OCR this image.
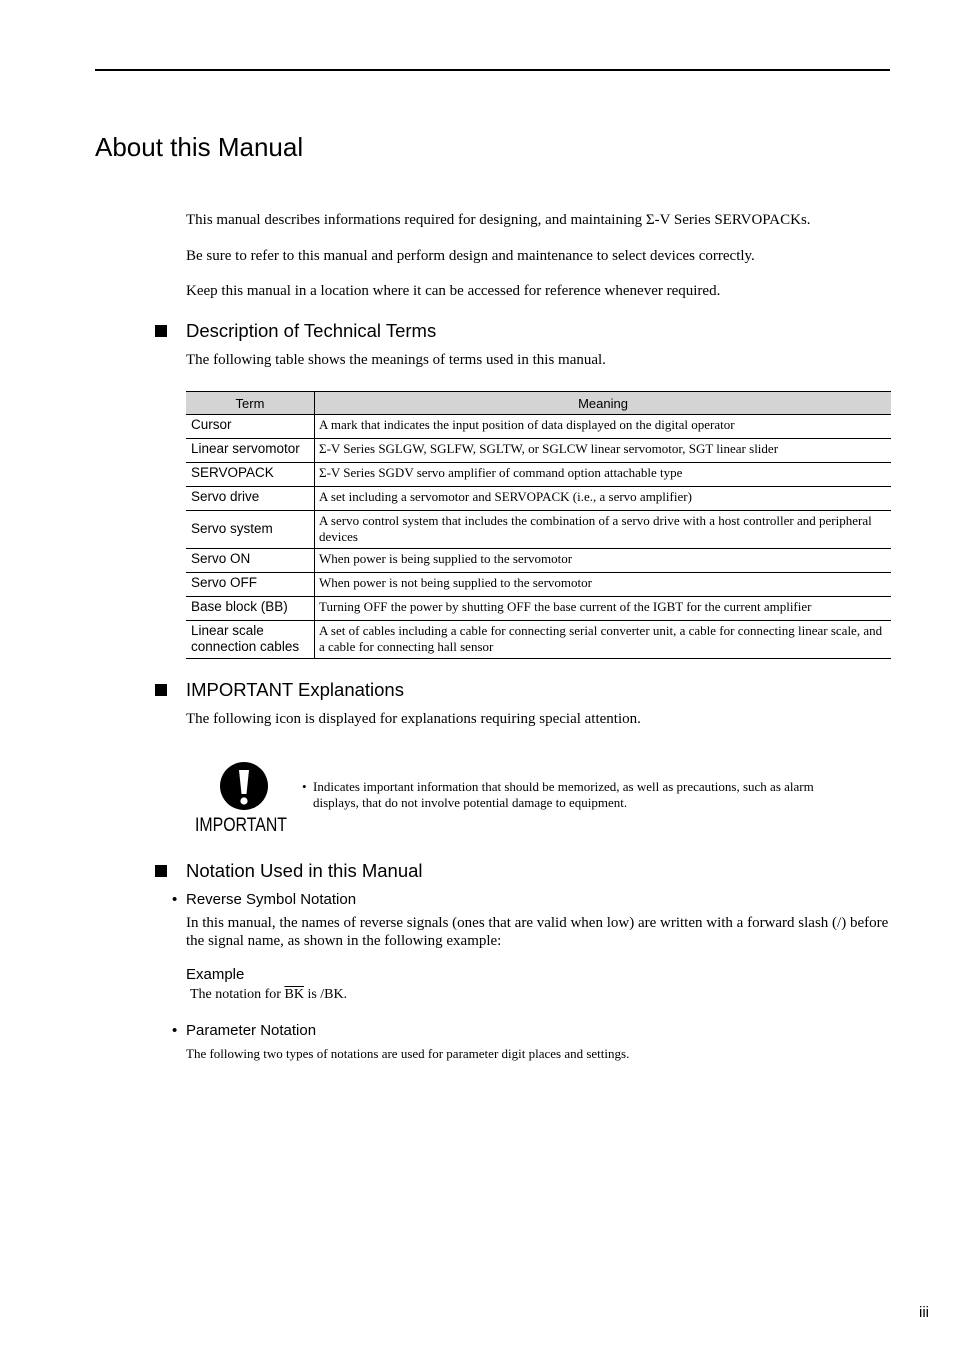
About this Manual

This manual describes informations required for designing, and maintaining Σ-V Series SERVOPACKs.

Be sure to refer to this manual and perform design and maintenance to select devices correctly.

Keep this manual in a location where it can be accessed for reference whenever required.

Description of Technical Terms

The following table shows the meanings of terms used in this manual.

Term	Meaning
Cursor	A mark that indicates the input position of data displayed on the digital operator
Linear servomotor	Σ-V Series SGLGW, SGLFW, SGLTW, or SGLCW linear servomotor, SGT linear slider
SERVOPACK	Σ-V Series SGDV servo amplifier of command option attachable type
Servo drive	A set including a servomotor and SERVOPACK (i.e., a servo amplifier)
Servo system	A servo control system that includes the combination of a servo drive with a host controller and peripheral devices
Servo ON	When power is being supplied to the servomotor
Servo OFF	When power is not being supplied to the servomotor
Base block (BB)	Turning OFF the power by shutting OFF the base current of the IGBT for the current amplifier
Linear scale connection cables	A set of cables including a cable for connecting serial converter unit, a cable for connecting linear scale, and a cable for connecting hall sensor
IMPORTANT Explanations

The following icon is displayed for explanations requiring special attention.

IMPORTANT
• Indicates important information that should be memorized, as well as precautions, such as alarm displays, that do not involve potential damage to equipment.
Notation Used in this Manual

• Reverse Symbol Notation

In this manual, the names of reverse signals (ones that are valid when low) are written with a forward slash (/) before the signal name, as shown in the following example:

Example

The notation for $\overline{BK}$ is /BK.

• Parameter Notation

The following two types of notations are used for parameter digit places and settings.

iii
